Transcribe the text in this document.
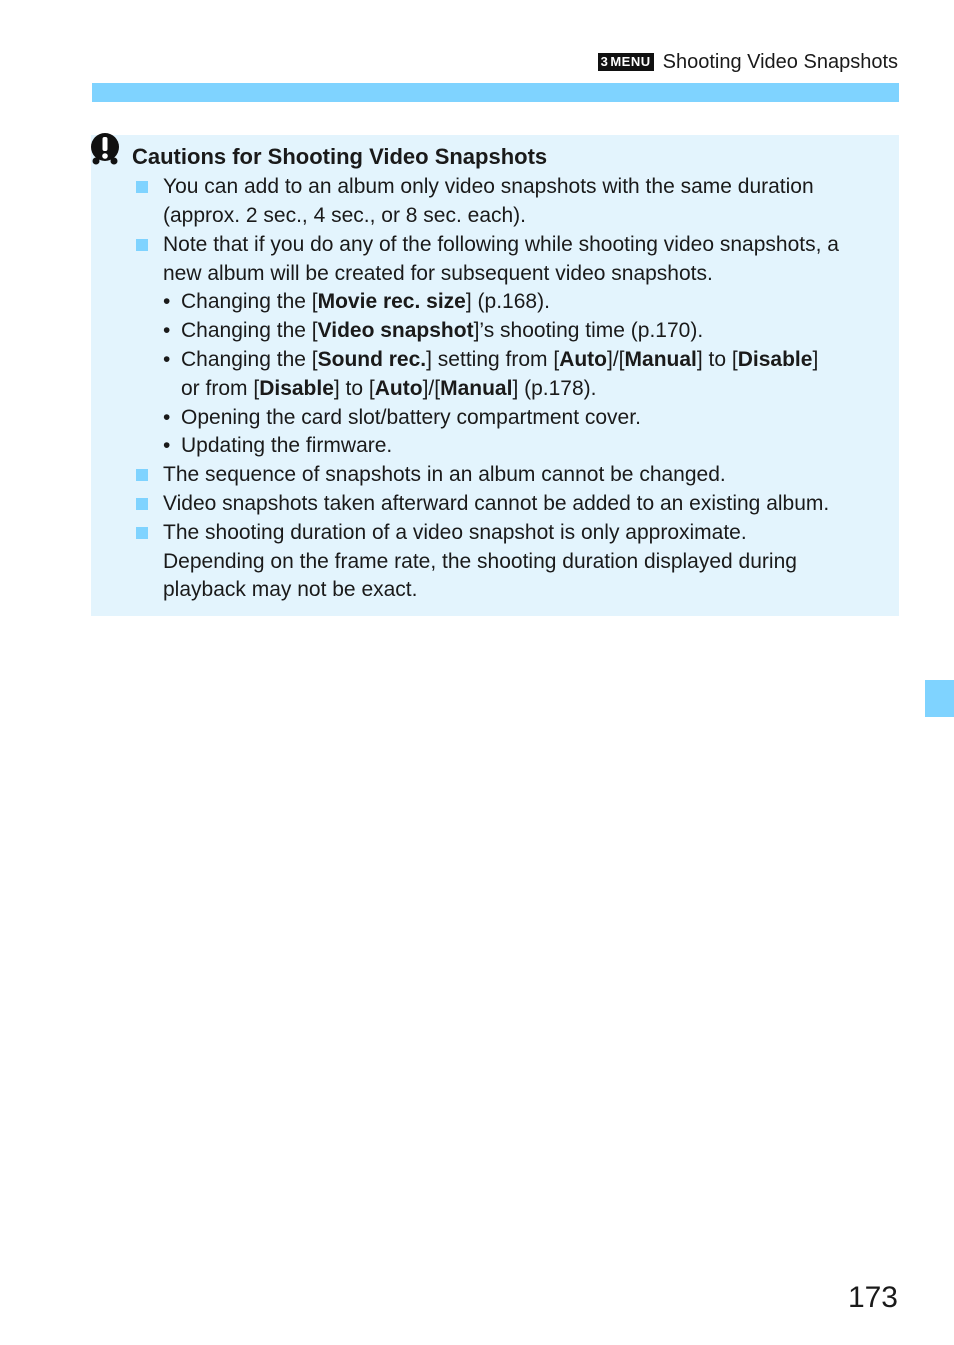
3 MENU Shooting Video Snapshots
Cautions for Shooting Video Snapshots
You can add to an album only video snapshots with the same duration
(approx. 2 sec., 4 sec., or 8 sec. each).
Note that if you do any of the following while shooting video snapshots, a
new album will be created for subsequent video snapshots.
• Changing the [Movie rec. size] (p.168).
• Changing the [Video snapshot]’s shooting time (p.170).
• Changing the [Sound rec.] setting from [Auto]/[Manual] to [Disable]
or from [Disable] to [Auto]/[Manual] (p.178).
• Opening the card slot/battery compartment cover.
• Updating the firmware.
The sequence of snapshots in an album cannot be changed.
Video snapshots taken afterward cannot be added to an existing album.
The shooting duration of a video snapshot is only approximate.
Depending on the frame rate, the shooting duration displayed during
playback may not be exact.
173
